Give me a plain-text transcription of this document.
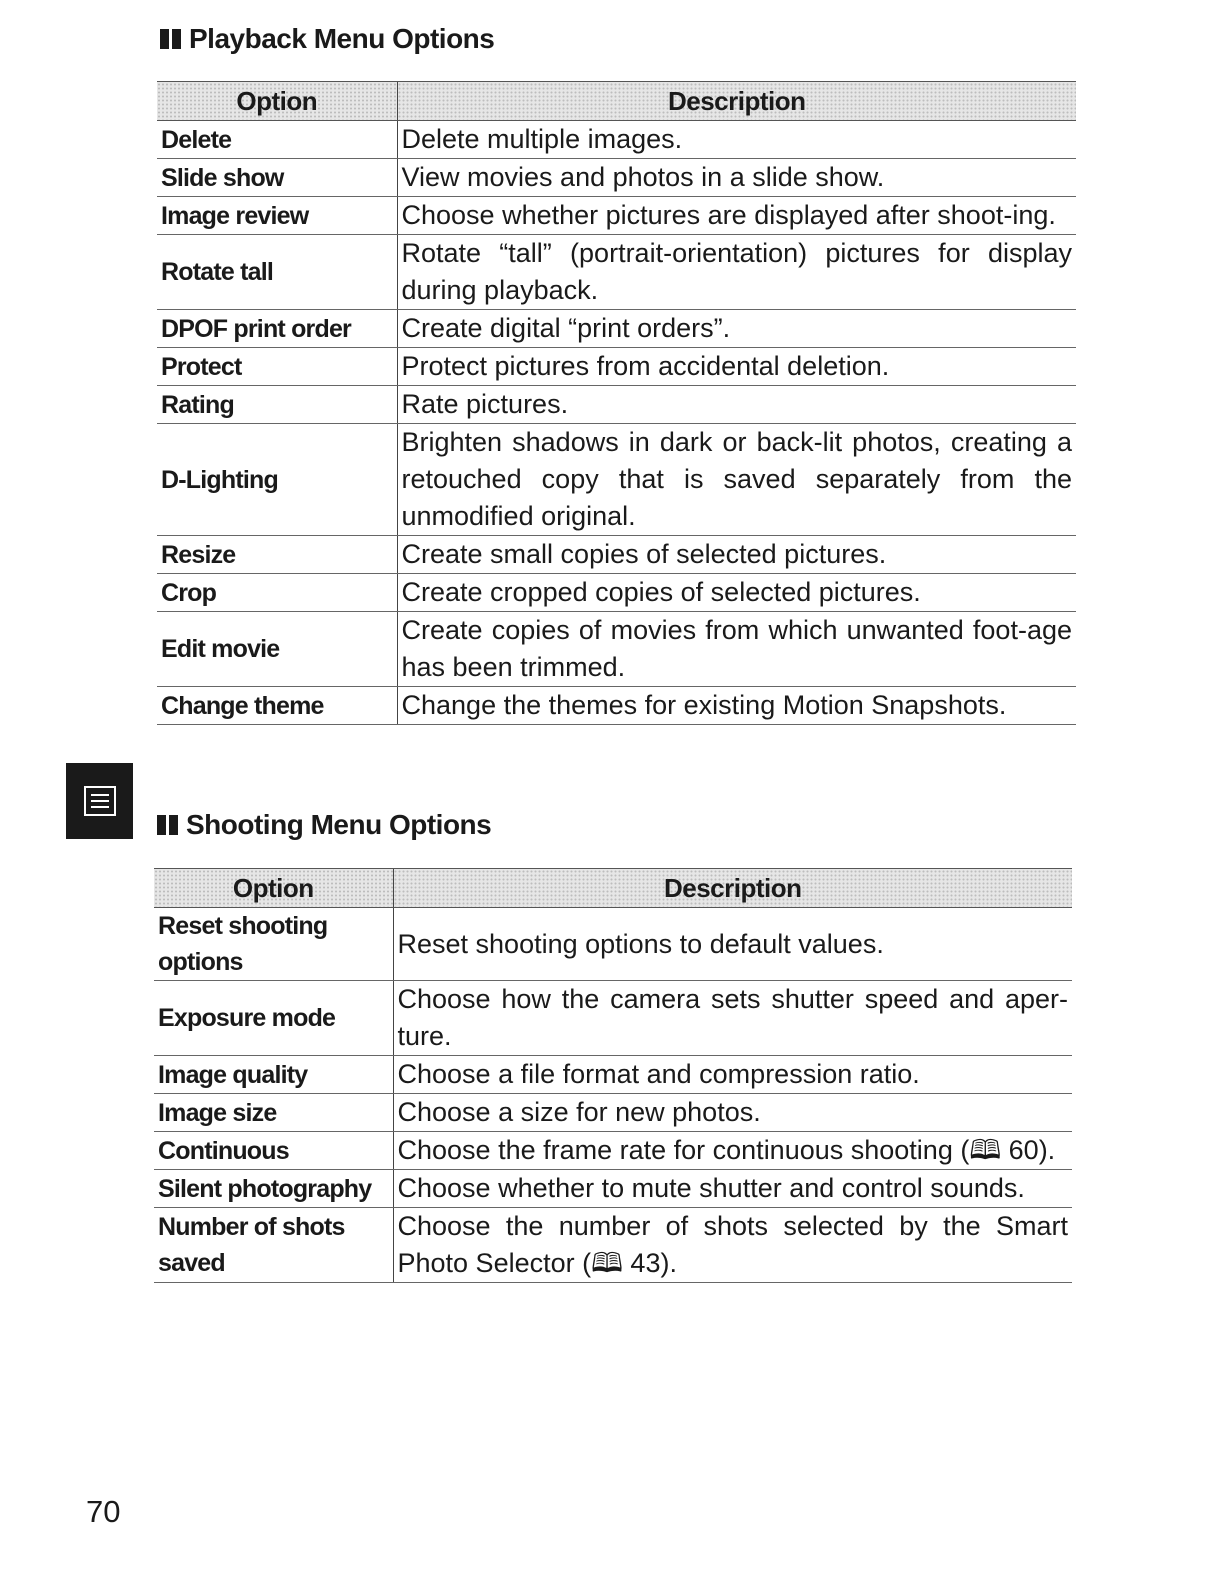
Playback Menu Options
Option	Description
Delete	Delete multiple images.
Slide show	View movies and photos in a slide show.
Image review	Choose whether pictures are displayed after shoot-ing.
Rotate tall	Rotate “tall” (portrait-orientation) pictures for display during playback.
DPOF print order	Create digital “print orders”.
Protect	Protect pictures from accidental deletion.
Rating	Rate pictures.
D-Lighting	Brighten shadows in dark or back-lit photos, creating a retouched copy that is saved separately from the unmodified original.
Resize	Create small copies of selected pictures.
Crop	Create cropped copies of selected pictures.
Edit movie	Create copies of movies from which unwanted foot-age has been trimmed.
Change theme	Change the themes for existing Motion Snapshots.
Shooting Menu Options
Option	Description
Reset shooting options	Reset shooting options to default values.
Exposure mode	Choose how the camera sets shutter speed and aper-ture.
Image quality	Choose a file format and compression ratio.
Image size	Choose a size for new photos.
Continuous	Choose the frame rate for continuous shooting (🕮 60).
Silent photography	Choose whether to mute shutter and control sounds.
Number of shots saved	Choose the number of shots selected by the Smart Photo Selector (🕮 43).
70
